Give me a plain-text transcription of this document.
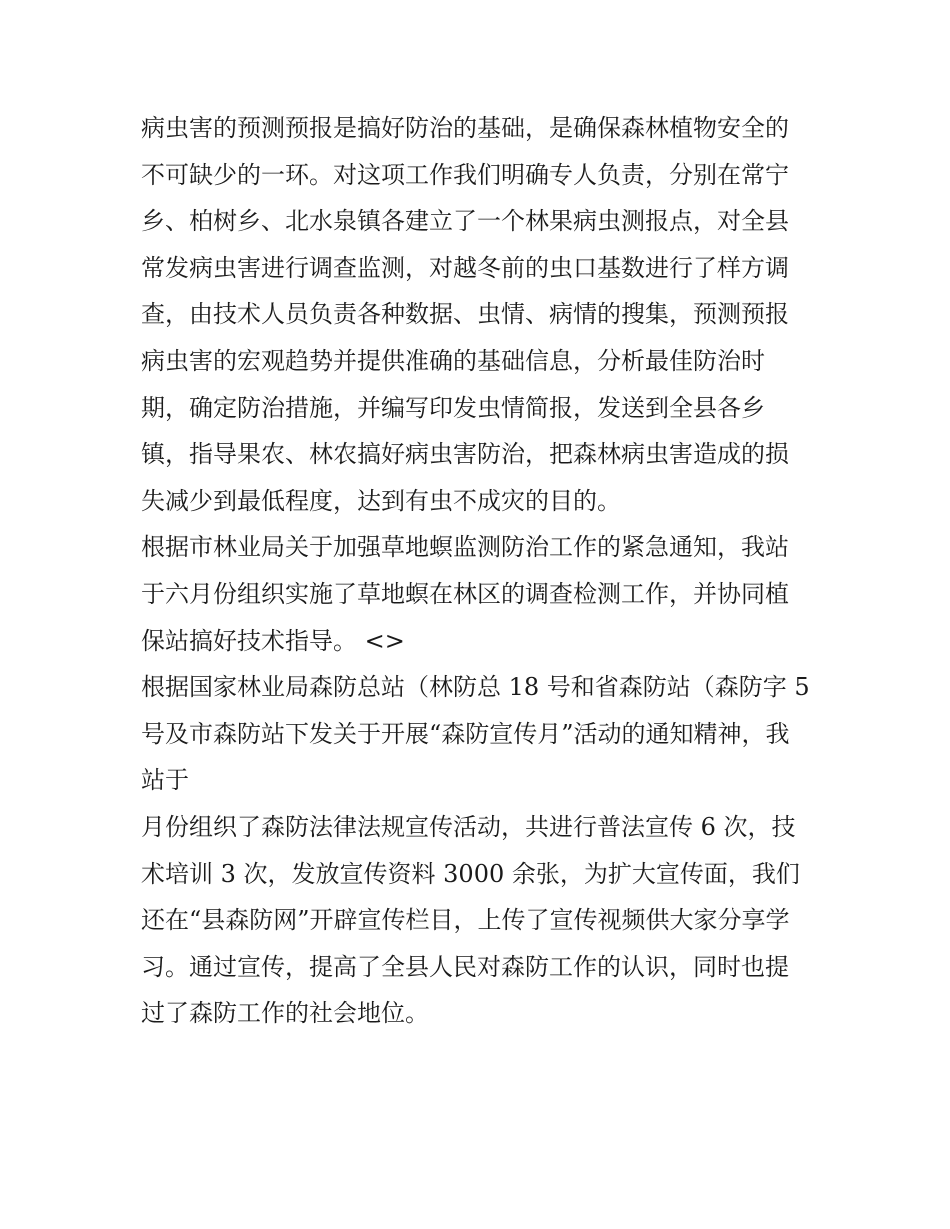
病虫害的预测预报是搞好防治的基础，是确保森林植物安全的
不可缺少的一环。对这项工作我们明确专人负责，分别在常宁
乡、柏树乡、北水泉镇各建立了一个林果病虫测报点，对全县
常发病虫害进行调查监测，对越冬前的虫口基数进行了样方调
查，由技术人员负责各种数据、虫情、病情的搜集，预测预报
病虫害的宏观趋势并提供准确的基础信息，分析最佳防治时
期，确定防治措施，并编写印发虫情简报，发送到全县各乡
镇，指导果农、林农搞好病虫害防治，把森林病虫害造成的损
失减少到最低程度，达到有虫不成灾的目的。
根据市林业局关于加强草地螟监测防治工作的紧急通知，我站
于六月份组织实施了草地螟在林区的调查检测工作，并协同植
保站搞好技术指导。 <>
根据国家林业局森防总站（林防总 18 号和省森防站（森防字 5
号及市森防站下发关于开展“森防宣传月”活动的通知精神，我
站于
月份组织了森防法律法规宣传活动，共进行普法宣传 6 次，技
术培训 3 次，发放宣传资料 3000 余张，为扩大宣传面，我们
还在“县森防网”开辟宣传栏目，上传了宣传视频供大家分享学
习。通过宣传，提高了全县人民对森防工作的认识，同时也提
过了森防工作的社会地位。
